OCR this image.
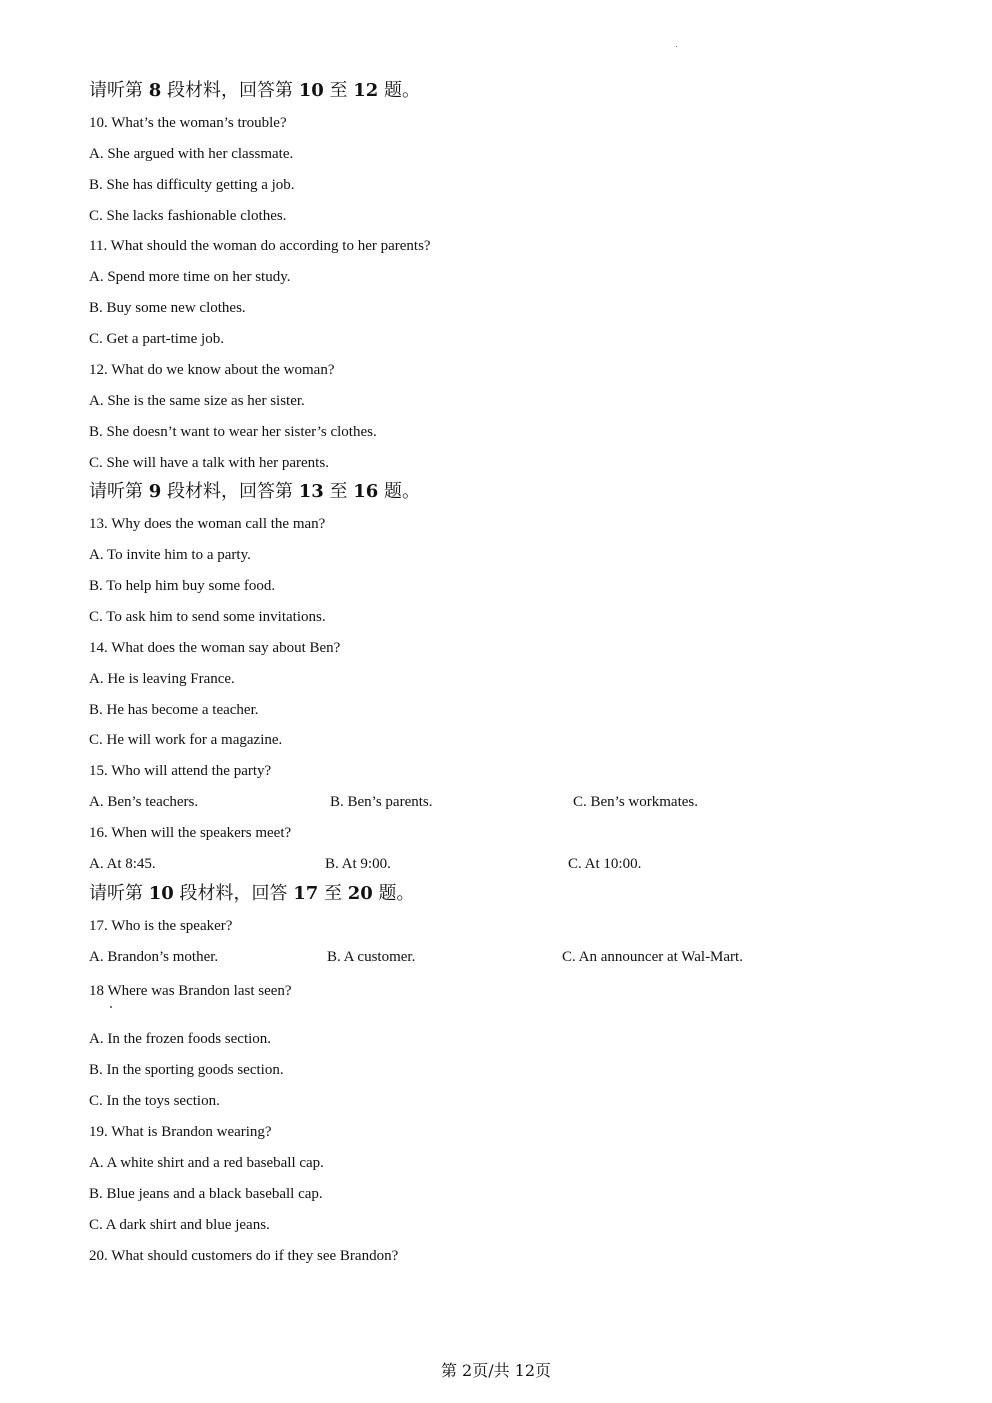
请听第 8 段材料，回答第 10 至 12 题。
10. What’s the woman’s trouble?
A. She argued with her classmate.
B. She has difficulty getting a job.
C. She lacks fashionable clothes.
11. What should the woman do according to her parents?
A. Spend more time on her study.
B. Buy some new clothes.
C. Get a part-time job.
12. What do we know about the woman?
A. She is the same size as her sister.
B. She doesn’t want to wear her sister’s clothes.
C. She will have a talk with her parents.
请听第 9 段材料，回答第 13 至 16 题。
13. Why does the woman call the man?
A. To invite him to a party.
B. To help him buy some food.
C. To ask him to send some invitations.
14. What does the woman say about Ben?
A. He is leaving France.
B. He has become a teacher.
C. He will work for a magazine.
15. Who will attend the party?
A. Ben’s teachers.	B. Ben’s parents.	C. Ben’s workmates.
16. When will the speakers meet?
A. At 8:45.	B. At 9:00.	C. At 10:00.
请听第 10 段材料，回答 17 至 20 题。
17. Who is the speaker?
A. Brandon’s mother.	B. A customer.	C. An announcer at Wal-Mart.
18 Where was Brandon last seen?
A. In the frozen foods section.
B. In the sporting goods section.
C. In the toys section.
19. What is Brandon wearing?
A. A white shirt and a red baseball cap.
B. Blue jeans and a black baseball cap.
C. A dark shirt and blue jeans.
20. What should customers do if they see Brandon?
第 2页/共 12页
